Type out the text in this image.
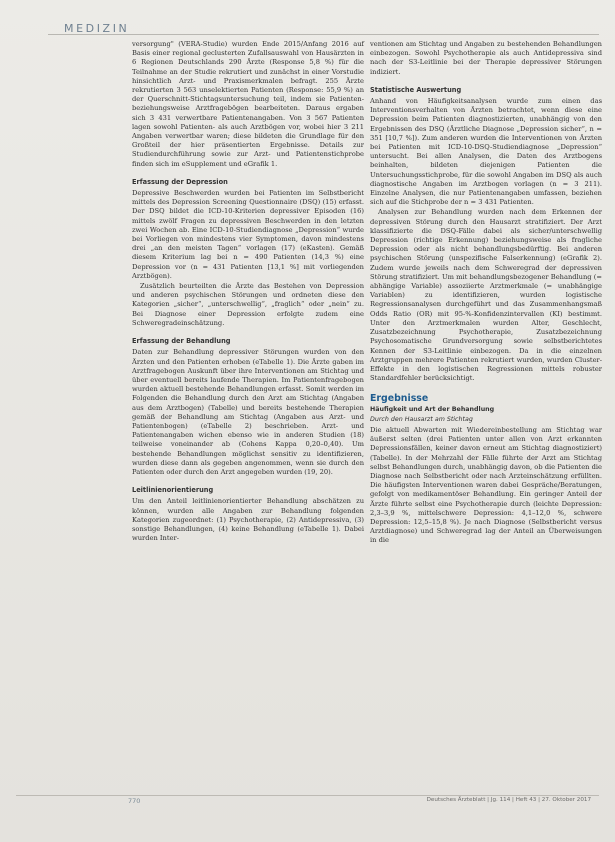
MEDIZIN

versorgung" (VERA-Studie) wurden Ende 2015/Anfang 2016 auf Basis einer regional geclusterten Zufallsauswahl von Hausärzten in 6 Regionen Deutschlands 290 Ärzte (Response 5,8 %) für die Teilnahme an der Studie rekrutiert und zunächst in einer Vorstudie hinsichtlich Arzt- und Praxismerkmalen befragt. 255 Ärzte rekrutierten 3 563 unselektierten Patienten (Response: 55,9 %) an der Querschnitt-Stichtagsuntersuchung teil, indem sie Patienten- beziehungsweise Arztfragebögen bearbeiteten. Daraus ergaben sich 3 431 verwertbare Patientenangaben. Von 3 567 Patienten lagen sowohl Patienten- als auch Arztbögen vor, wobei hier 3 211 Angaben verwertbar waren; diese bildeten die Grundlage für den Großteil der hier präsentierten Ergebnisse. Details zur Studiendurchführung sowie zur Arzt- und Patientenstichprobe finden sich im eSupplement und eGrafik 1.

Erfassung der Depression

Depressive Beschwerden wurden bei Patienten im Selbstbericht mittels des Depression Screening Questionnaire (DSQ) (15) erfasst. Der DSQ bildet die ICD-10-Kriterien depressiver Episoden (16) mittels zwölf Fragen zu depressiven Beschwerden in den letzten zwei Wochen ab. Eine ICD-10-Studiendiagnose „Depression“ wurde bei Vorliegen von mindestens vier Symptomen, davon mindestens drei „an den meisten Tagen“ vorlagen (17) (eKasten). Gemäß diesem Kriterium lag bei n = 490 Patienten (14,3 %) eine Depression vor (n = 431 Patienten [13,1 %] mit vorliegenden Arztbögen).

Zusätzlich beurteilten die Ärzte das Bestehen von Depression und anderen psychischen Störungen und ordneten diese den Kategorien „sicher“, „unterschwellig“, „fraglich“ oder „nein“ zu. Bei Diagnose einer Depression erfolgte zudem eine Schweregradeinschätzung.

Erfassung der Behandlung

Daten zur Behandlung depressiver Störungen wurden von den Ärzten und den Patienten erhoben (eTabelle 1). Die Ärzte gaben im Arztfragebogen Auskunft über ihre Interventionen am Stichtag und über eventuell bereits laufende Therapien. Im Patientenfragebogen wurden aktuell bestehende Behandlungen erfasst. Somit werden im Folgenden die Behandlung durch den Arzt am Stichtag (Angaben aus dem Arztbogen) (Tabelle) und bereits bestehende Therapien gemäß der Behandlung am Stichtag (Angaben aus Arzt- und Patientenbogen) (eTabelle 2) beschrieben. Arzt- und Patientenangaben wichen ebenso wie in anderen Studien (18) teilweise voneinander ab (Cohens Kappa 0,20–0,40). Um bestehende Behandlungen möglichst sensitiv zu identifizieren, wurden diese dann als gegeben angenommen, wenn sie durch den Patienten oder durch den Arzt angegeben wurden (19, 20).

Leitlinienorientierung

Um den Anteil leitlinienorientierter Behandlung abschätzen zu können, wurden alle Angaben zur Behandlung folgenden Kategorien zugeordnet: (1) Psychotherapie, (2) Antidepressiva, (3) sonstige Behandlungen, (4) keine Behandlung (eTabelle 1). Dabei wurden Inter-

ventionen am Stichtag und Angaben zu bestehenden Behandlungen einbezogen. Sowohl Psychotherapie als auch Antidepressiva sind nach der S3-Leitlinie bei der Therapie depressiver Störungen indiziert.

Statistische Auswertung

Anhand von Häufigkeitsanalysen wurde zum einen das Interventionsverhalten von Ärzten betrachtet, wenn diese eine Depression beim Patienten diagnostizierten, unabhängig von den Ergebnissen des DSQ (Ärztliche Diagnose „Depression sicher“, n = 351 [10,7 %]). Zum anderen wurden die Interventionen von Ärzten bei Patienten mit ICD-10-DSQ-Studiendiagnose „Depression“ untersucht. Bei allen Analysen, die Daten des Arztbogens beinhalten, bildeten diejenigen Patienten die Untersuchungsstichprobe, für die sowohl Angaben im DSQ als auch diagnostische Angaben im Arztbogen vorlagen (n = 3 211). Einzelne Analysen, die nur Patientenangaben umfassen, beziehen sich auf die Stichprobe der n = 3 431 Patienten.

Analysen zur Behandlung wurden nach dem Erkennen der depressiven Störung durch den Hausarzt stratifiziert. Der Arzt klassifizierte die DSQ-Fälle dabei als sicher/unterschwellig Depression (richtige Erkennung) beziehungsweise als fragliche Depression oder als nicht behandlungsbedürftig. Bei anderen psychischen Störung (unspezifische Falserkennung) (eGrafik 2). Zudem wurde jeweils nach dem Schweregrad der depressiven Störung stratifiziert. Um mit behandlungsbezogener Behandlung (= abhängige Variable) assoziierte Arztmerkmale (= unabhängige Variablen) zu identifizieren, wurden logistische Regressionsanalysen durchgeführt und das Zusammenhangsmaß Odds Ratio (OR) mit 95-%-Konfidenzintervallen (KI) bestimmt. Unter den Arztmerkmalen wurden Alter, Geschlecht, Zusatzbezeichnung Psychotherapie, Zusatzbezeichnung Psychosomatische Grundversorgung sowie selbstberichtetes Kennen der S3-Leitlinie einbezogen. Da in die einzelnen Arztgruppen mehrere Patienten rekrutiert wurden, wurden Cluster-Effekte in den logistischen Regressionen mittels robuster Standardfehler berücksichtigt.

Ergebnisse
Häufigkeit und Art der Behandlung
Durch den Hausarzt am Stichtag

Die aktuell Abwarten mit Wiedereinbestellung am Stichtag war äußerst selten (drei Patienten unter allen von Arzt erkannten Depressionsfällen, keiner davon erneut am Stichtag diagnostiziert) (Tabelle). In der Mehrzahl der Fälle führte der Arzt am Stichtag selbst Behandlungen durch, unabhängig davon, ob die Patienten die Diagnose nach Selbstbericht oder nach Arzteinschätzung erfüllten. Die häufigsten Interventionen waren dabei Gespräche/Beratungen, gefolgt von medikamentöser Behandlung. Ein geringer Anteil der Ärzte führte selbst eine Psychotherapie durch (leichte Depression: 2,3–3,9 %, mittelschwere Depression: 4,1–12,0 %, schwere Depression: 12,5–15,8 %). Je nach Diagnose (Selbstbericht versus Arztdiagnose) und Schweregrad lag der Anteil an Überweisungen in die

770	Deutsches Ärzteblatt | Jg. 114 | Heft 43 | 27. Oktober 2017
